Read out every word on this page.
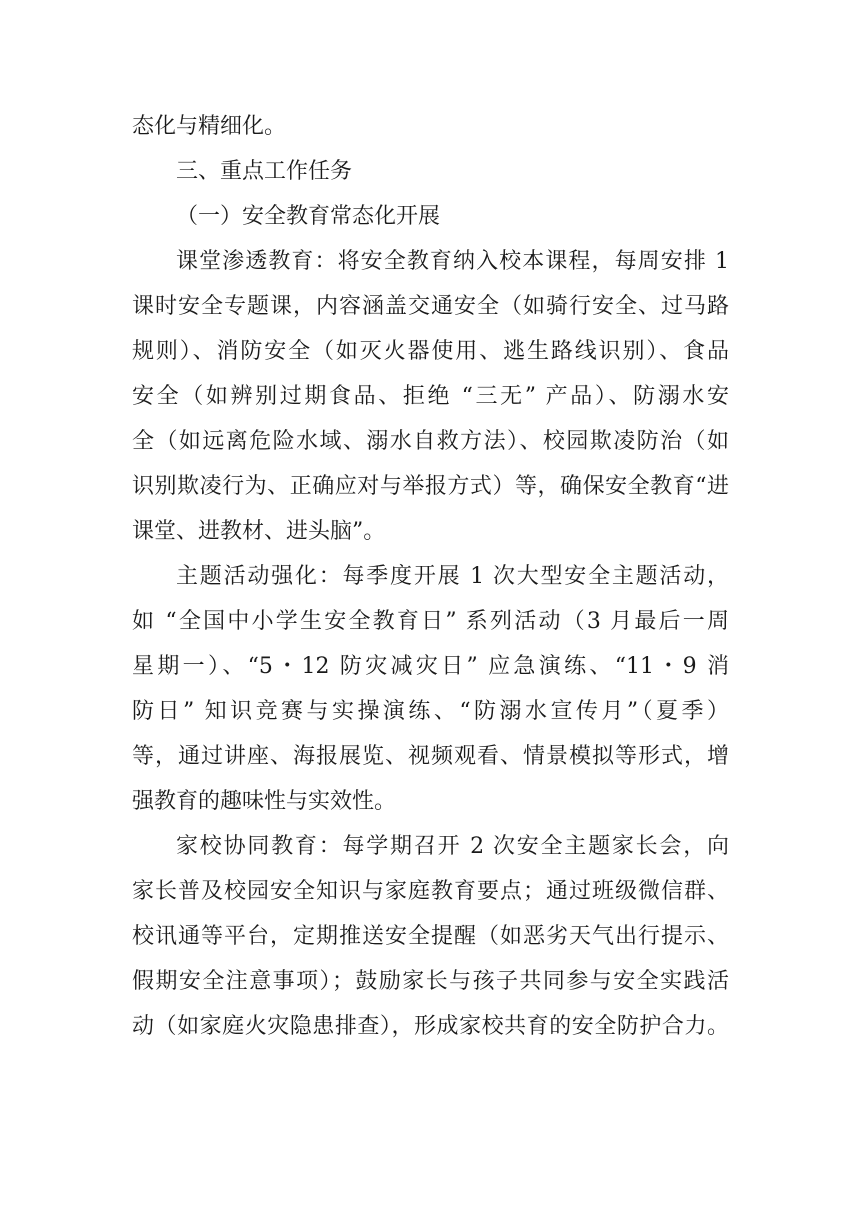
态化与精细化。
三、重点工作任务
（一）安全教育常态化开展
课堂渗透教育：将安全教育纳入校本课程，每周安排 1
课时安全专题课，内容涵盖交通安全（如骑行安全、过马路
规则）、消防安全（如灭火器使用、逃生路线识别）、食品
安全（如辨别过期食品、拒绝 “三无” 产品）、防溺水安
全（如远离危险水域、溺水自救方法）、校园欺凌防治（如
识别欺凌行为、正确应对与举报方式）等，确保安全教育“进
课堂、进教材、进头脑”。
主题活动强化：每季度开展 1 次大型安全主题活动，
如 “全国中小学生安全教育日” 系列活动（3 月最后一周
星期一）、“5・12 防灾减灾日” 应急演练、“11・9 消
防日” 知识竞赛与实操演练、“防溺水宣传月”（夏季）
等，通过讲座、海报展览、视频观看、情景模拟等形式，增
强教育的趣味性与实效性。
家校协同教育：每学期召开 2 次安全主题家长会，向
家长普及校园安全知识与家庭教育要点；通过班级微信群、
校讯通等平台，定期推送安全提醒（如恶劣天气出行提示、
假期安全注意事项）；鼓励家长与孩子共同参与安全实践活
动（如家庭火灾隐患排查），形成家校共育的安全防护合力。
